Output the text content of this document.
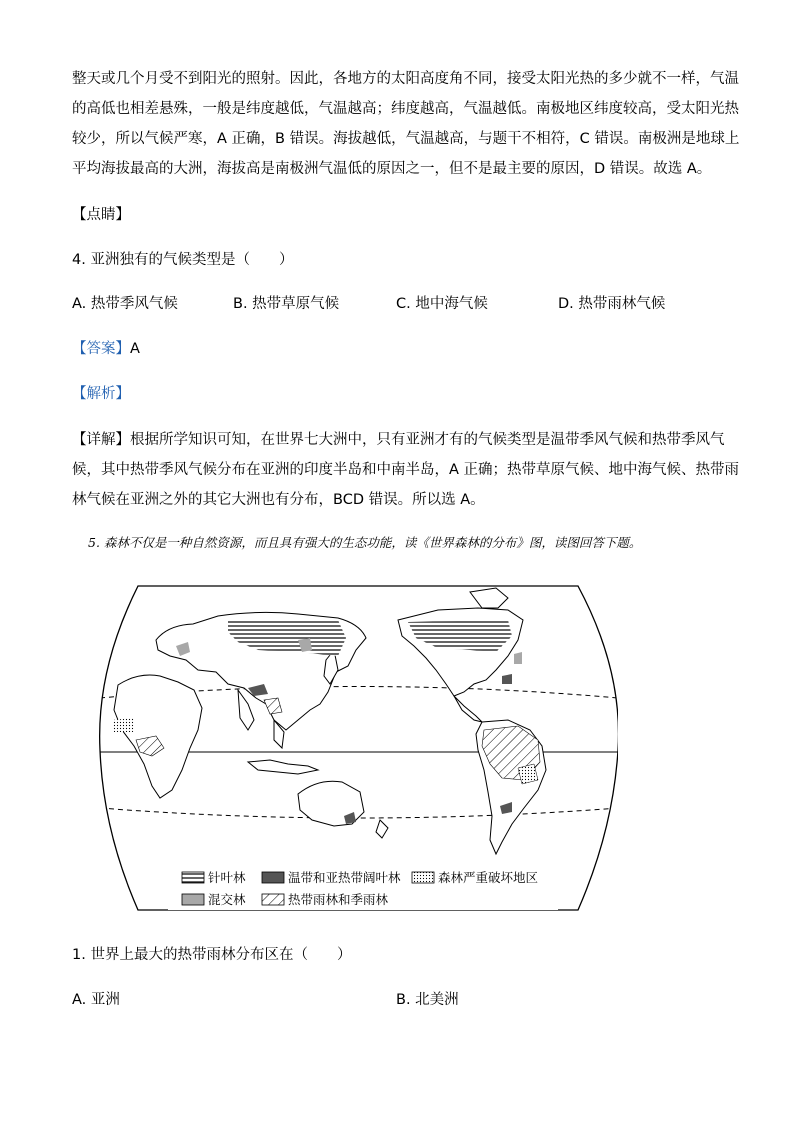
整天或几个月受不到阳光的照射。因此，各地方的太阳高度角不同，接受太阳光热的多少就不一样，气温
的高低也相差悬殊，一般是纬度越低，气温越高；纬度越高，气温越低。南极地区纬度较高，受太阳光热
较少，所以气候严寒，A 正确，B 错误。海拔越低，气温越高，与题干不相符，C 错误。南极洲是地球上
平均海拔最高的大洲，海拔高是南极洲气温低的原因之一，但不是最主要的原因，D 错误。故选 A。
【点睛】
4. 亚洲独有的气候类型是（　　）
A. 热带季风气候	B. 热带草原气候	C. 地中海气候	D. 热带雨林气候
【答案】A
【解析】
【详解】根据所学知识可知，在世界七大洲中，只有亚洲才有的气候类型是温带季风气候和热带季风气
候，其中热带季风气候分布在亚洲的印度半岛和中南半岛，A 正确；热带草原气候、地中海气候、热带雨
林气候在亚洲之外的其它大洲也有分布，BCD 错误。所以选 A。
5. 森林不仅是一种自然资源，而且具有强大的生态功能，读《世界森林的分布》图，读图回答下题。
针叶林	温带和亚热带阔叶林	森林严重破坏地区
混交林	热带雨林和季雨林
1. 世界上最大的热带雨林分布区在（　　）
A. 亚洲	B. 北美洲
